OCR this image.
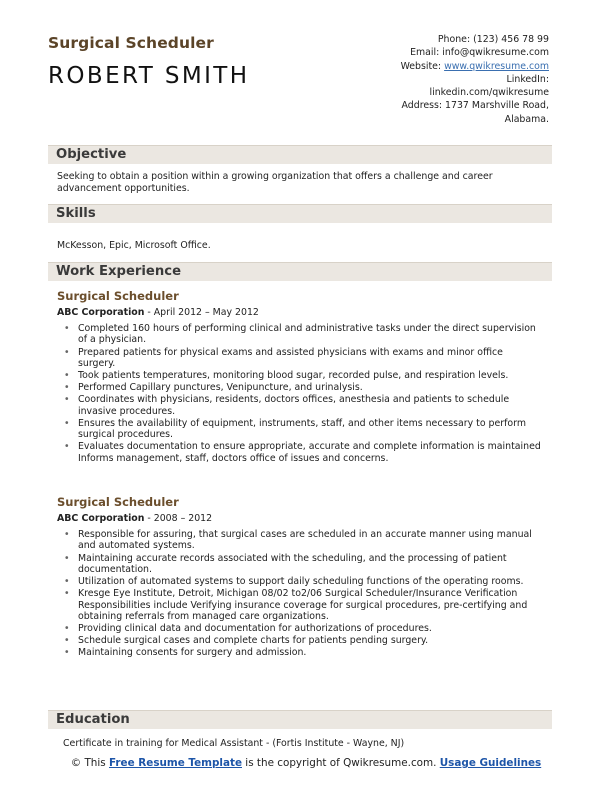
Surgical Scheduler
ROBERT SMITH
Phone: (123) 456 78 99
Email: info@qwikresume.com
Website: www.qwikresume.com
LinkedIn:
linkedin.com/qwikresume
Address: 1737 Marshville Road,
Alabama.
Objective
Seeking to obtain a position within a growing organization that offers a challenge and career advancement opportunities.
Skills
McKesson, Epic, Microsoft Office.
Work Experience
Surgical Scheduler
ABC Corporation - April 2012 – May 2012
• Completed 160 hours of performing clinical and administrative tasks under the direct supervision of a physician.
• Prepared patients for physical exams and assisted physicians with exams and minor office surgery.
• Took patients temperatures, monitoring blood sugar, recorded pulse, and respiration levels.
• Performed Capillary punctures, Venipuncture, and urinalysis.
• Coordinates with physicians, residents, doctors offices, anesthesia and patients to schedule invasive procedures.
• Ensures the availability of equipment, instruments, staff, and other items necessary to perform surgical procedures.
• Evaluates documentation to ensure appropriate, accurate and complete information is maintained Informs management, staff, doctors office of issues and concerns.
Surgical Scheduler
ABC Corporation - 2008 – 2012
• Responsible for assuring, that surgical cases are scheduled in an accurate manner using manual and automated systems.
• Maintaining accurate records associated with the scheduling, and the processing of patient documentation.
• Utilization of automated systems to support daily scheduling functions of the operating rooms.
• Kresge Eye Institute, Detroit, Michigan 08/02 to2/06 Surgical Scheduler/Insurance Verification Responsibilities include Verifying insurance coverage for surgical procedures, pre-certifying and obtaining referrals from managed care organizations.
• Providing clinical data and documentation for authorizations of procedures.
• Schedule surgical cases and complete charts for patients pending surgery.
• Maintaining consents for surgery and admission.
Education
Certificate in training for Medical Assistant - (Fortis Institute - Wayne, NJ)
© This Free Resume Template is the copyright of Qwikresume.com. Usage Guidelines
